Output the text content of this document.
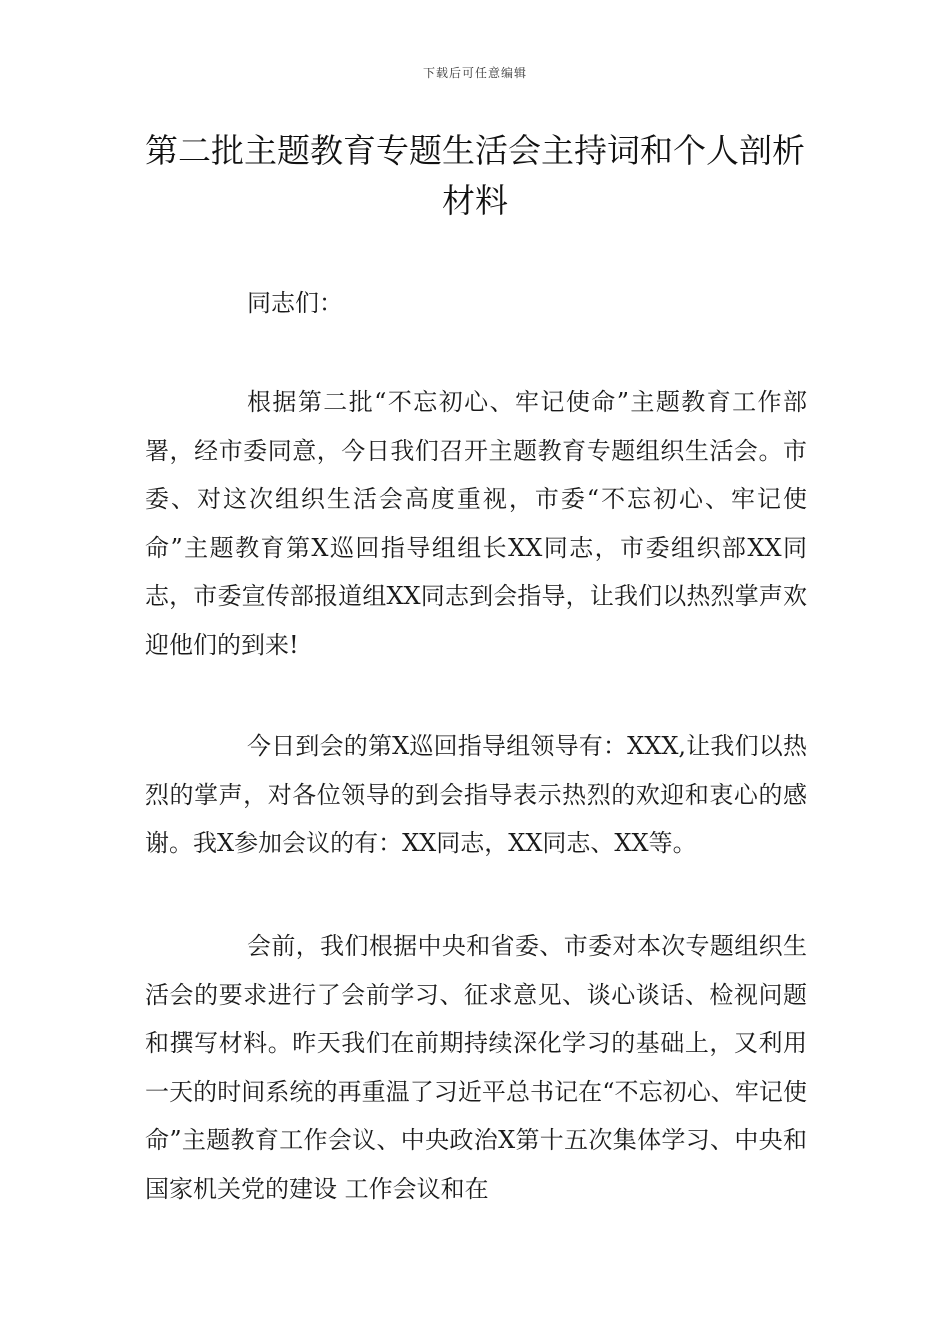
下载后可任意编辑
第二批主题教育专题生活会主持词和个人剖析材料

同志们：

根据第二批“不忘初心、牢记使命”主题教育工作部署，经市委同意，今日我们召开主题教育专题组织生活会。市委、对这次组织生活会高度重视，市委“不忘初心、牢记使命”主题教育第X巡回指导组组长XX同志，市委组织部XX同志，市委宣传部报道组XX同志到会指导，让我们以热烈掌声欢迎他们的到来!

今日到会的第X巡回指导组领导有：XXX,让我们以热烈的掌声，对各位领导的到会指导表示热烈的欢迎和衷心的感谢。我X参加会议的有：XX同志，XX同志、XX等。

会前，我们根据中央和省委、市委对本次专题组织生活会的要求进行了会前学习、征求意见、谈心谈话、检视问题和撰写材料。昨天我们在前期持续深化学习的基础上，又利用一天的时间系统的再重温了习近平总书记在“不忘初心、牢记使命”主题教育工作会议、中央政治X第十五次集体学习、中央和国家机关党的建设 工作会议和在
